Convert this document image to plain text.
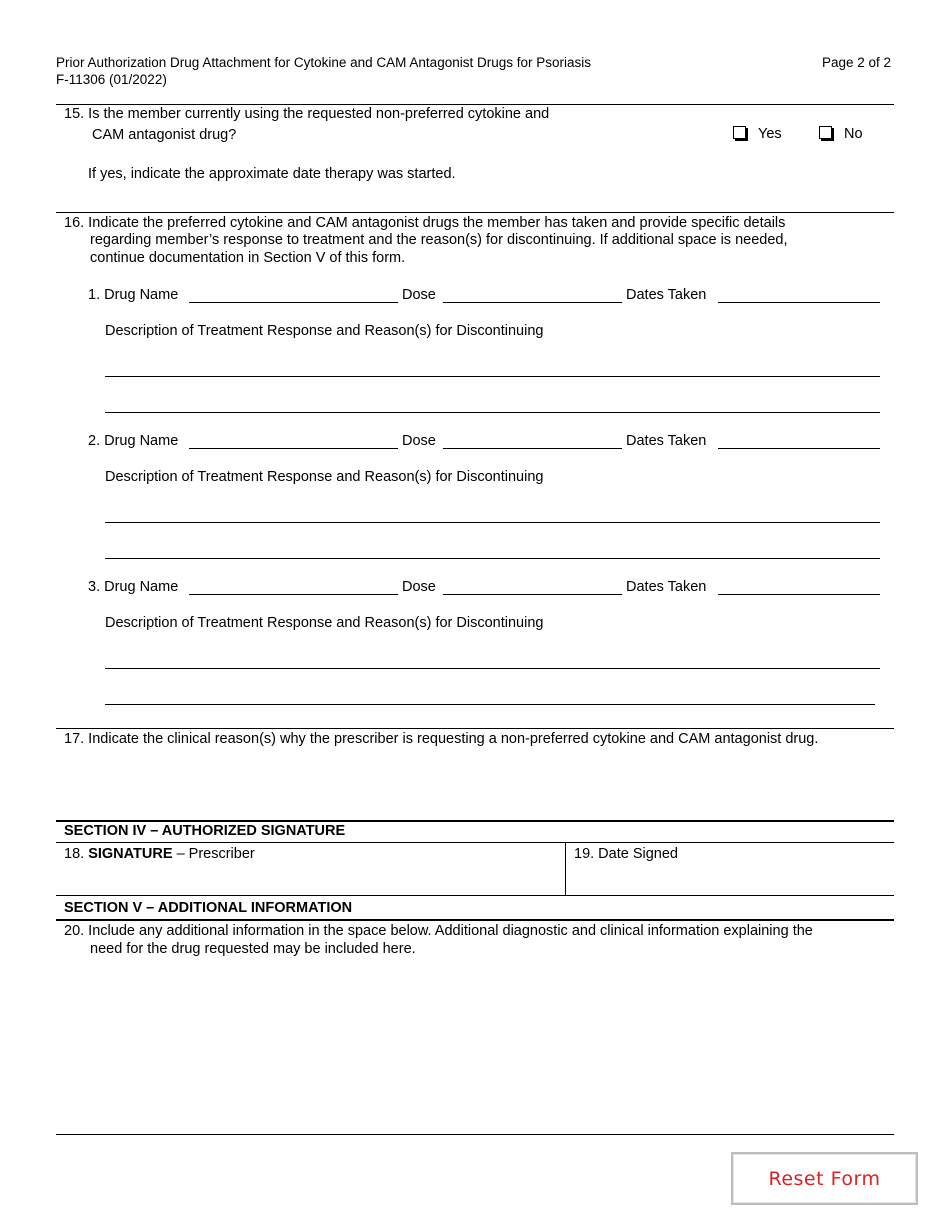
Prior Authorization Drug Attachment for Cytokine and CAM Antagonist Drugs for Psoriasis
F-11306 (01/2022)
Page 2 of 2
15. Is the member currently using the requested non-preferred cytokine and
CAM antagonist drug?	Yes	No
If yes, indicate the approximate date therapy was started.
16. Indicate the preferred cytokine and CAM antagonist drugs the member has taken and provide specific details
regarding member’s response to treatment and the reason(s) for discontinuing. If additional space is needed,
continue documentation in Section V of this form.
1. Drug Name	Dose	Dates Taken
Description of Treatment Response and Reason(s) for Discontinuing
2. Drug Name	Dose	Dates Taken
Description of Treatment Response and Reason(s) for Discontinuing
3. Drug Name	Dose	Dates Taken
Description of Treatment Response and Reason(s) for Discontinuing
17. Indicate the clinical reason(s) why the prescriber is requesting a non-preferred cytokine and CAM antagonist drug.
SECTION IV – AUTHORIZED SIGNATURE
18. SIGNATURE – Prescriber	19. Date Signed
SECTION V – ADDITIONAL INFORMATION
20. Include any additional information in the space below. Additional diagnostic and clinical information explaining the
need for the drug requested may be included here.
Reset Form
